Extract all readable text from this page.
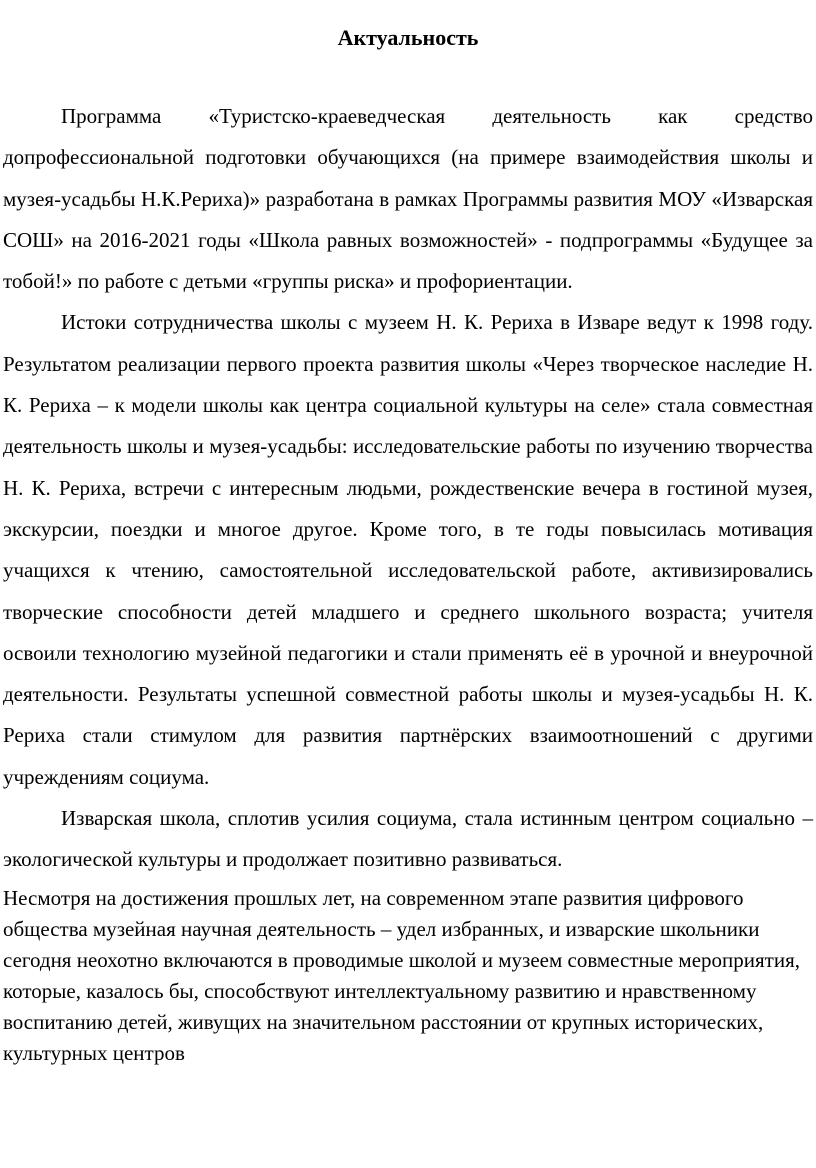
Актуальность

Программа «Туристско-краеведческая деятельность как средство допрофессиональной подготовки обучающихся (на примере взаимодействия школы и музея-усадьбы Н.К.Рериха)» разработана в рамках Программы развития МОУ «Изварская СОШ» на 2016-2021 годы «Школа равных возможностей» - подпрограммы «Будущее за тобой!» по работе с детьми «группы риска» и профориентации.

Истоки сотрудничества школы с музеем Н. К. Рериха в Изваре ведут к 1998 году. Результатом реализации первого проекта развития школы «Через творческое наследие Н. К. Рериха – к модели школы как центра социальной культуры на селе» стала совместная деятельность школы и музея-усадьбы: исследовательские работы по изучению творчества Н. К. Рериха, встречи с интересным людьми, рождественские вечера в гостиной музея, экскурсии, поездки и многое другое. Кроме того, в те годы повысилась мотивация учащихся к чтению, самостоятельной исследовательской работе, активизировались творческие способности детей младшего и среднего школьного возраста; учителя освоили технологию музейной педагогики и стали применять её в урочной и внеурочной деятельности. Результаты успешной совместной работы школы и музея-усадьбы Н. К. Рериха стали стимулом для развития партнёрских взаимоотношений с другими учреждениям социума.

Изварская школа, сплотив усилия социума, стала истинным центром социально – экологической культуры и продолжает позитивно развиваться.

Несмотря на достижения прошлых лет, на современном этапе развития цифрового общества музейная научная деятельность – удел избранных, и изварские школьники сегодня неохотно включаются в проводимые школой и музеем совместные мероприятия, которые, казалось бы, способствуют интеллектуальному развитию и нравственному воспитанию детей, живущих на значительном расстоянии от крупных исторических, культурных центров
